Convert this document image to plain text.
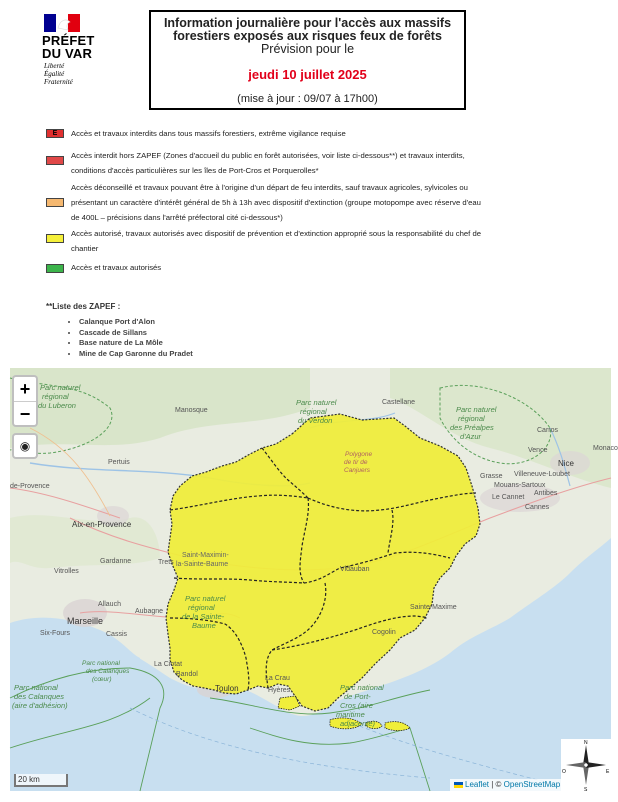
PRÉFET
DU VAR
Liberté
Égalité
Fraternité
Information journalière pour l'accès aux massifs
forestiers exposés aux risques feux de forêts
Prévision pour le
jeudi 10 juillet 2025
(mise à jour : 09/07 à 17h00)
E	Accès et travaux interdits dans tous massifs forestiers, extrême vigilance requise
Accès interdit hors ZAPEF (Zones d'accueil du public en forêt autorisées, voir liste ci-dessous**) et travaux interdits, conditions d'accès particulières sur les îles de Port-Cros et Porquerolles*
Accès déconseillé et travaux pouvant être à l'origine d'un départ de feu interdits, sauf travaux agricoles, sylvicoles ou présentant un caractère d'intérêt général de 5h à 13h avec dispositif d'extinction (groupe motopompe avec réserve d'eau de 400L – précisions dans l'arrêté préfectoral cité ci-dessous*)
Accès autorisé, travaux autorisés avec dispositif de prévention et d'extinction approprié sous la responsabilité du chef de chantier
Accès et travaux autorisés
**Liste des ZAPEF :
• Calanque Port d'Alon
• Cascade de Sillans
• Base nature de La Môle
• Mine de Cap Garonne du Pradet
Castellane
Manosque
Pertuis
Aix-en-Provence
Gardanne
Vitrolles
Trets
Allauch
Marseille
Aubagne
Cassis
La Ciotat
Bandol
Toulon	Hyères
La Crau
Vidauban
Sainte-Maxime
Cogolin
Grasse
Cannes
Antibes
Nice
Carros
Vence
Villeneuve-Loubet
Le Cannet
Mouans-Sartoux
Monaco
Saint-Maximin-
la-Sainte-Baume
de-Provence
Six-Fours
Parc naturel
régional
du Luberon	Parc naturel
régional
du Verdon
Parc naturel
régional
des Préalpes
d'Azur
Parc naturel
régional
de la Sainte-
Baume
Parc national
des Calanques
(cœur)
Parc national
des Calanques
(aire d'adhésion)
Parc national
de Port-
Cros (aire
maritime
adjacente)
Polygone
de tir de
Canjuers
+
−
◉
20 km
Leaflet | © OpenStreetMap
N
S
E
O
